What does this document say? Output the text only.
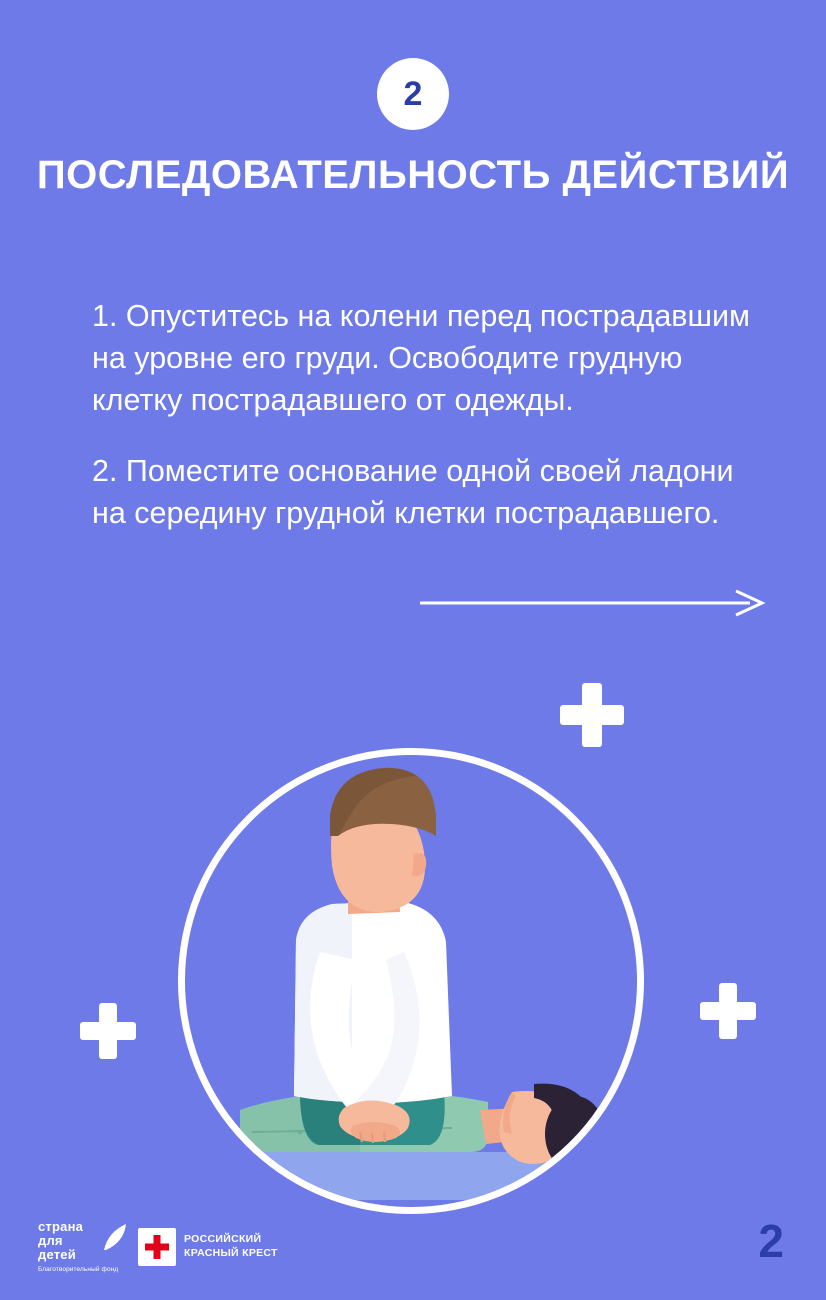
2
ПОСЛЕДОВАТЕЛЬНОСТЬ ДЕЙСТВИЙ

1. Опуститесь на колени перед пострадавшим на уровне его груди. Освободите грудную клетку пострадавшего от одежды.

2. Поместите основание одной своей ладони на середину грудной клетки пострадавшего.

страна
для
детей
Благотворительный фонд
РОССИЙСКИЙ
КРАСНЫЙ КРЕСТ	2
